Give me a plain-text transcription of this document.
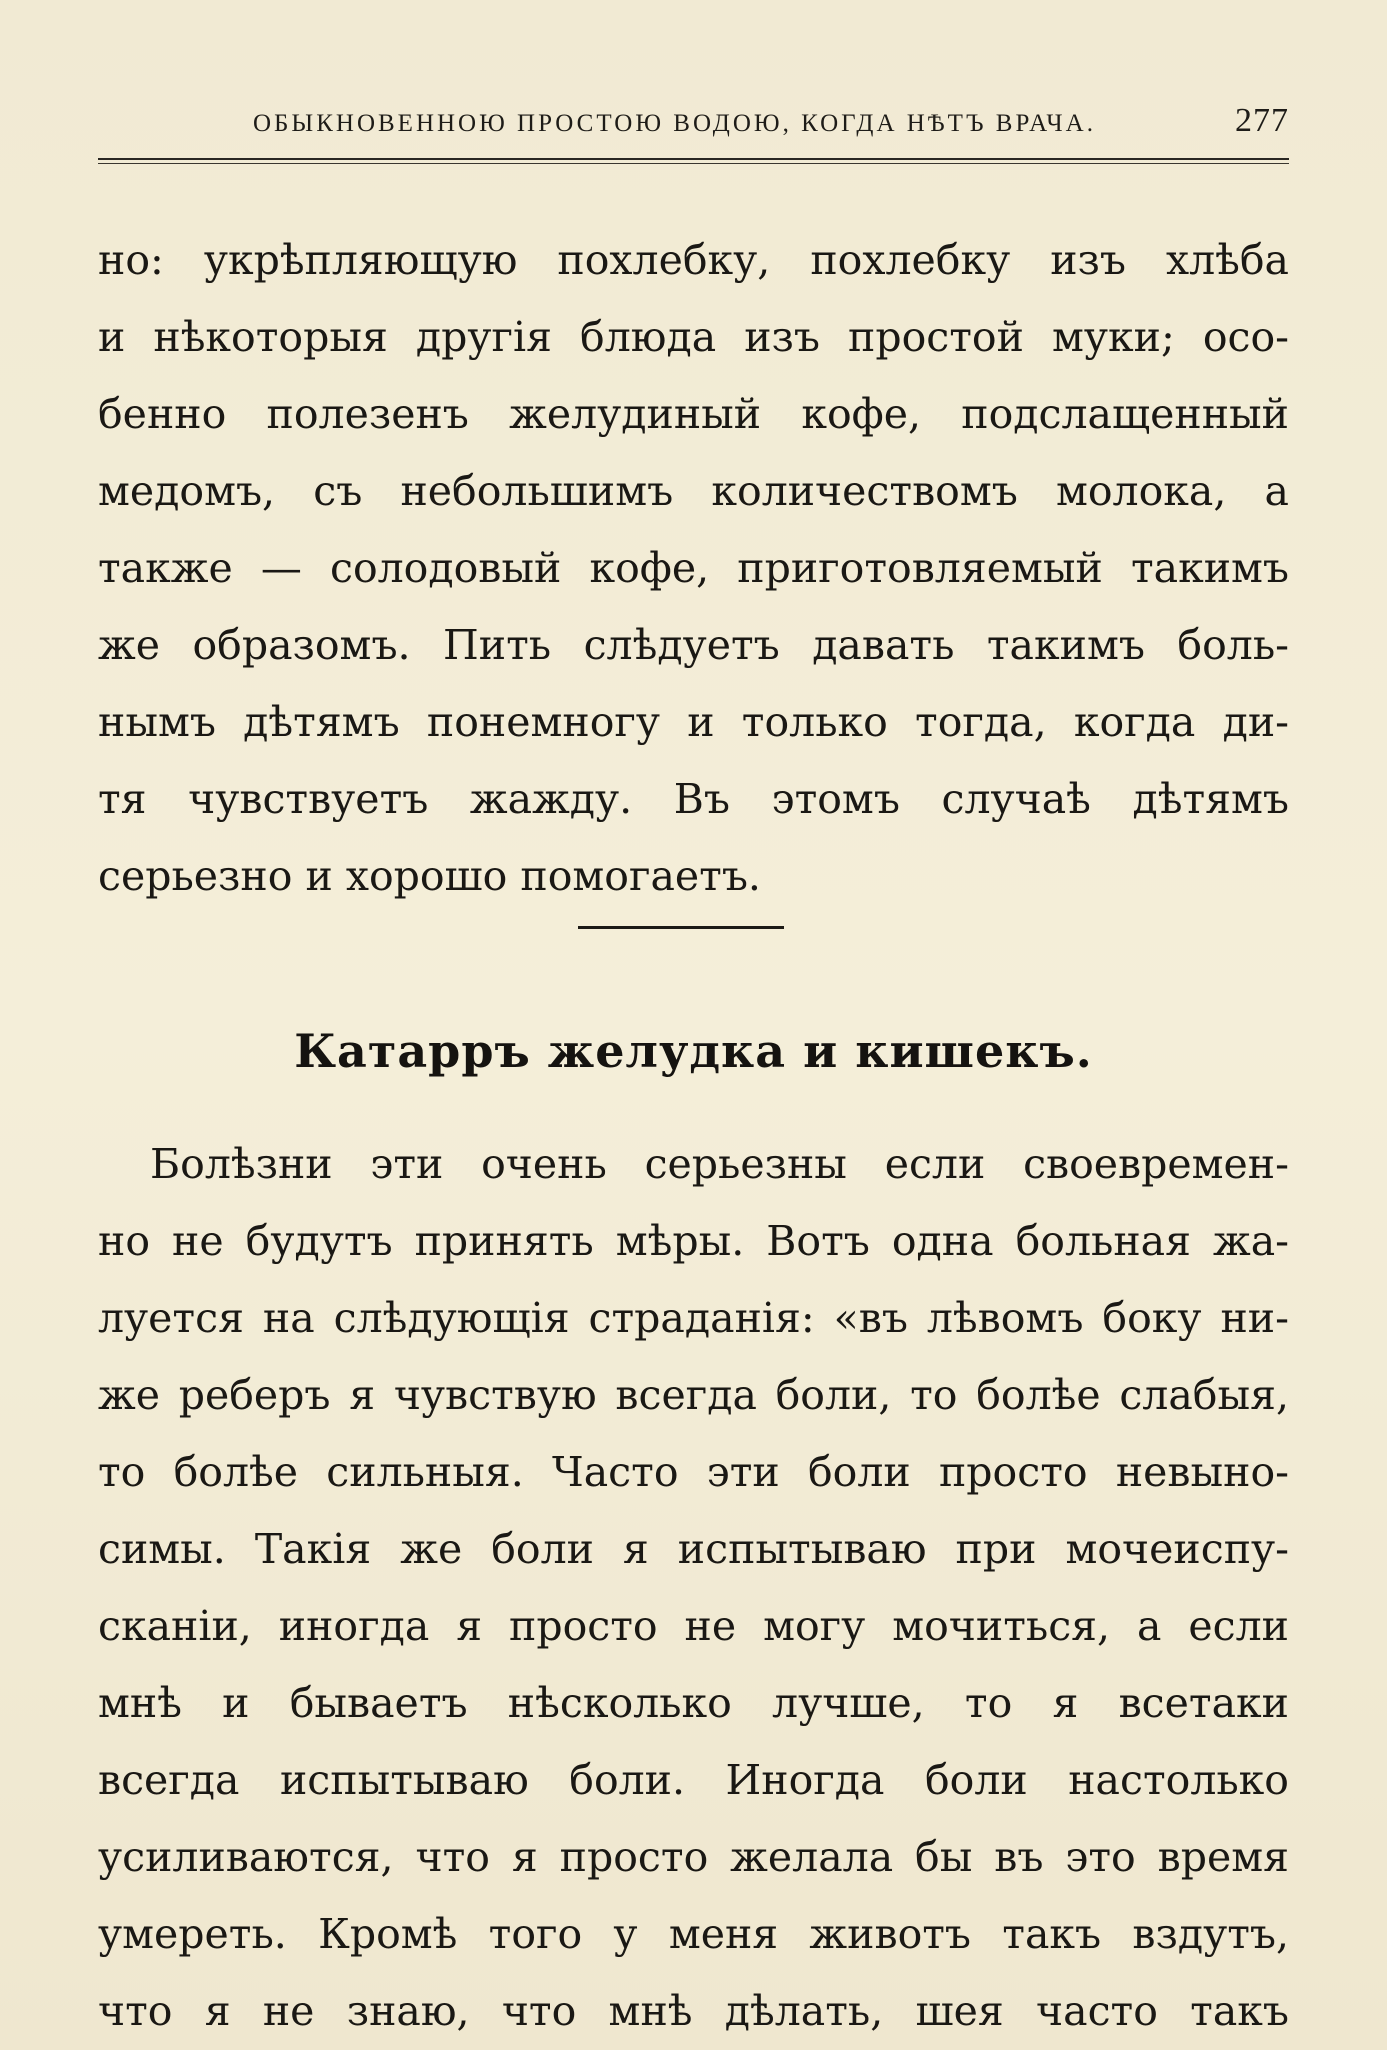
ОБЫКНОВЕННОЮ ПРОСТОЮ ВОДОЮ, КОГДА НѢТЪ ВРАЧА.	277
но: укрѣпляющую похлебку, похлебку изъ хлѣба
и нѣкоторыя другія блюда изъ простой муки; осо-
бенно полезенъ желудиный кофе, подслащенный
медомъ, съ небольшимъ количествомъ молока, а
также — солодовый кофе, приготовляемый такимъ
же образомъ. Пить слѣдуетъ давать такимъ боль-
нымъ дѣтямъ понемногу и только тогда, когда ди-
тя чувствуетъ жажду. Въ этомъ случаѣ дѣтямъ
серьезно и хорошо помогаетъ.
Катарръ желудка и кишекъ.
Болѣзни эти очень серьезны если своевремен-
но не будутъ принять мѣры. Вотъ одна больная жа-
луется на слѣдующія страданія: «въ лѣвомъ боку ни-
же реберъ я чувствую всегда боли, то болѣе слабыя,
то болѣе сильныя. Часто эти боли просто невыно-
симы. Такія же боли я испытываю при мочеиспу-
сканіи, иногда я просто не могу мочиться, а если
мнѣ и бываетъ нѣсколько лучше, то я всетаки
всегда испытываю боли. Иногда боли настолько
усиливаются, что я просто желала бы въ это время
умереть. Кромѣ того у меня животъ такъ вздутъ,
что я не знаю, что мнѣ дѣлать, шея часто такъ
